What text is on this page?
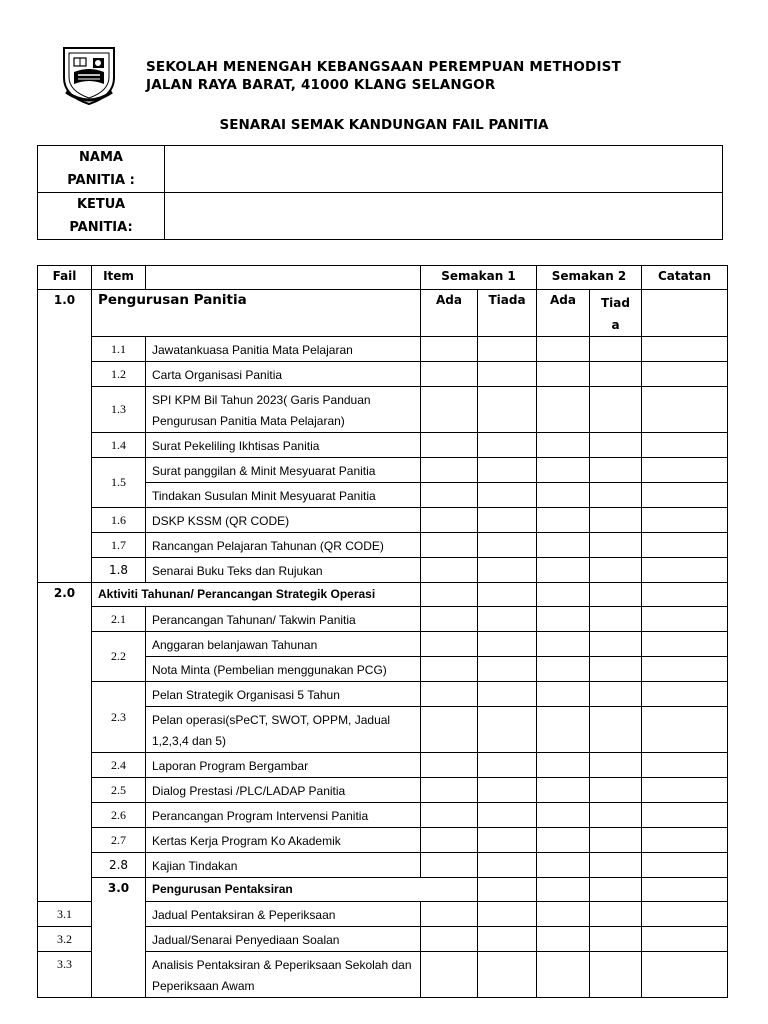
SEKOLAH MENENGAH KEBANGSAAN PEREMPUAN METHODIST
JALAN RAYA BARAT, 41000 KLANG SELANGOR
SENARAI SEMAK KANDUNGAN FAIL PANITIA
NAMA
PANITIA :	

KETUA
PANITIA:	

Fail	Item		Semakan 1		Semakan 2		Catatan	
1.0	Pengurusan Panitia		Ada	Tiada	Ada	Tiad
a		

	1.1	Jawatankuasa Panitia Mata Pelajaran						
	1.2	Carta Organisasi Panitia						
	1.3	SPI KPM Bil Tahun 2023( Garis Panduan Pengurusan Panitia Mata Pelajaran)						
	1.4	Surat Pekeliling Ikhtisas Panitia						
	1.5	Surat panggilan & Minit Mesyuarat Panitia						
		Tindakan Susulan Minit Mesyuarat Panitia						
	1.6	DSKP KSSM (QR CODE)						
	1.7	Rancangan Pelajaran Tahunan (QR CODE)						
	1.8	Senarai Buku Teks dan Rujukan						
2.0	Aktiviti Tahunan/ Perancangan Strategik Operasi							
	2.1	Perancangan Tahunan/ Takwin Panitia						
	2.2	Anggaran belanjawan Tahunan						
		Nota Minta (Pembelian menggunakan PCG)						
	2.3	Pelan Strategik Organisasi 5 Tahun						
		Pelan operasi(sPeCT, SWOT, OPPM, Jadual 1,2,3,4 dan 5)						
	2.4	Laporan Program Bergambar						
	2.5	Dialog Prestasi /PLC/LADAP Panitia						
	2.6	Perancangan Program Intervensi Panitia						
	2.7	Kertas Kerja Program Ko Akademik						
	2.8	Kajian Tindakan						
	3.0	Pengurusan Pentaksiran						
3.1		Jadual Pentaksiran & Peperiksaan						
3.2		Jadual/Senarai Penyediaan Soalan						
3.3		Analisis Pentaksiran & Peperiksaan Sekolah dan Peperiksaan Awam						
